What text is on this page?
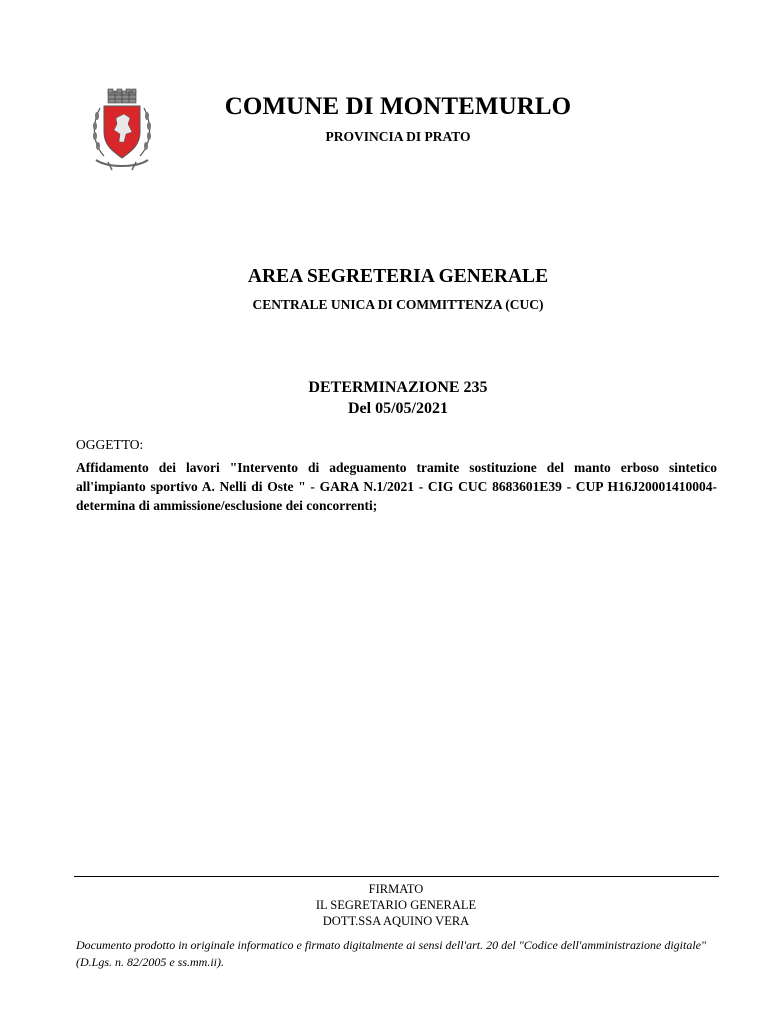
COMUNE DI MONTEMURLO
PROVINCIA DI PRATO
AREA SEGRETERIA GENERALE
CENTRALE UNICA DI COMMITTENZA (CUC)
DETERMINAZIONE 235
Del 05/05/2021
OGGETTO:
Affidamento dei lavori "Intervento di adeguamento tramite sostituzione del manto erboso sintetico all'impianto sportivo A. Nelli di Oste " - GARA N.1/2021 - CIG CUC 8683601E39 - CUP H16J20001410004- determina di ammissione/esclusione dei concorrenti;
FIRMATO
IL SEGRETARIO GENERALE
DOTT.SSA AQUINO VERA
Documento prodotto in originale informatico e firmato digitalmente ai sensi dell'art. 20 del "Codice dell'amministrazione digitale" (D.Lgs. n. 82/2005 e ss.mm.ii).
